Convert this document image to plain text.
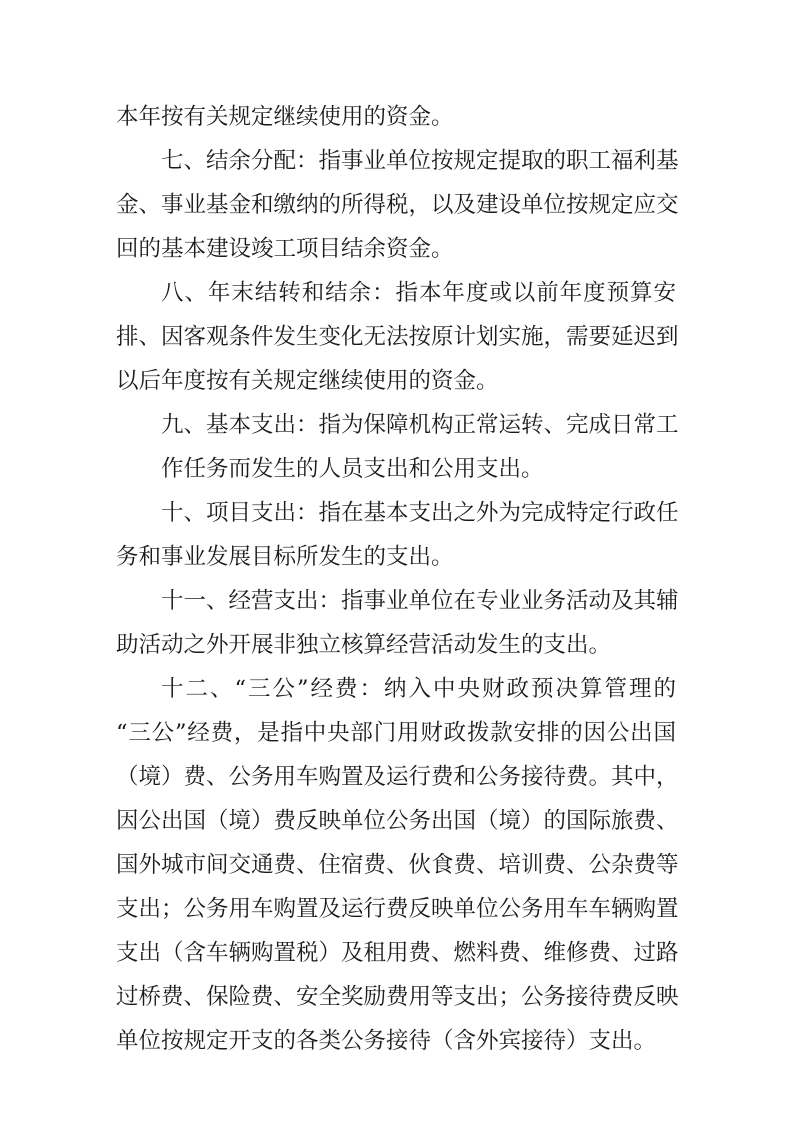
本年按有关规定继续使用的资金。
七、结余分配：指事业单位按规定提取的职工福利基
金、事业基金和缴纳的所得税，以及建设单位按规定应交
回的基本建设竣工项目结余资金。
八、年末结转和结余：指本年度或以前年度预算安
排、因客观条件发生变化无法按原计划实施，需要延迟到
以后年度按有关规定继续使用的资金。
九、基本支出：指为保障机构正常运转、完成日常工
作任务而发生的人员支出和公用支出。
十、项目支出：指在基本支出之外为完成特定行政任
务和事业发展目标所发生的支出。
十一、经营支出：指事业单位在专业业务活动及其辅
助活动之外开展非独立核算经营活动发生的支出。
十二、“三公”经费：纳入中央财政预决算管理的
“三公”经费，是指中央部门用财政拨款安排的因公出国
（境）费、公务用车购置及运行费和公务接待费。其中，
因公出国（境）费反映单位公务出国（境）的国际旅费、
国外城市间交通费、住宿费、伙食费、培训费、公杂费等
支出；公务用车购置及运行费反映单位公务用车车辆购置
支出（含车辆购置税）及租用费、燃料费、维修费、过路
过桥费、保险费、安全奖励费用等支出；公务接待费反映
单位按规定开支的各类公务接待（含外宾接待）支出。
